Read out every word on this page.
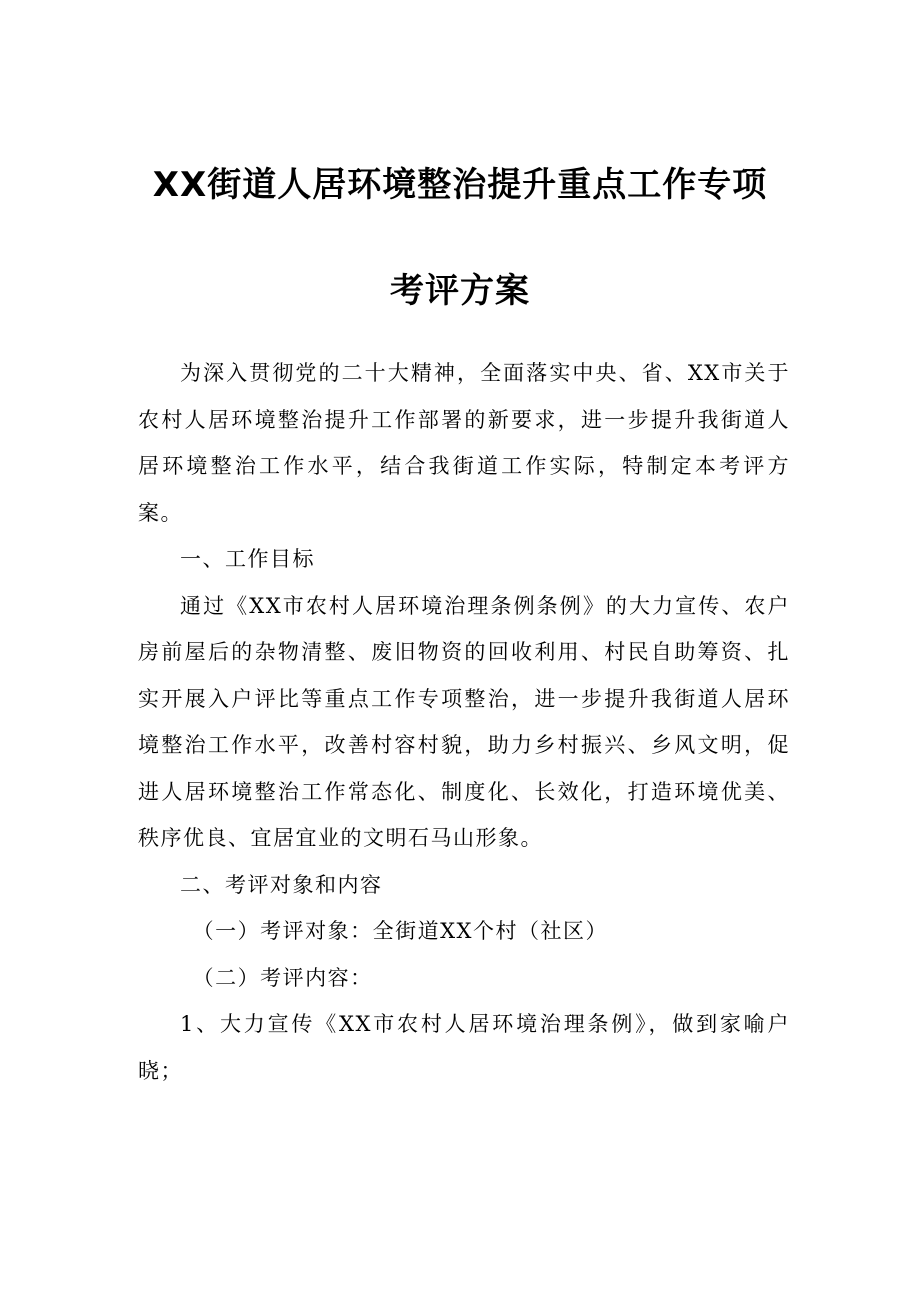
XX街道人居环境整治提升重点工作专项
考评方案

为深入贯彻党的二十大精神，全面落实中央、省、XX市关于农村人居环境整治提升工作部署的新要求，进一步提升我街道人居环境整治工作水平，结合我街道工作实际，特制定本考评方案。

一、工作目标

通过《XX市农村人居环境治理条例条例》的大力宣传、农户房前屋后的杂物清整、废旧物资的回收利用、村民自助筹资、扎实开展入户评比等重点工作专项整治，进一步提升我街道人居环境整治工作水平，改善村容村貌，助力乡村振兴、乡风文明，促进人居环境整治工作常态化、制度化、长效化，打造环境优美、秩序优良、宜居宜业的文明石马山形象。

二、考评对象和内容

（一）考评对象：全街道XX个村（社区）

（二）考评内容：

1、大力宣传《XX市农村人居环境治理条例》，做到家喻户晓；
